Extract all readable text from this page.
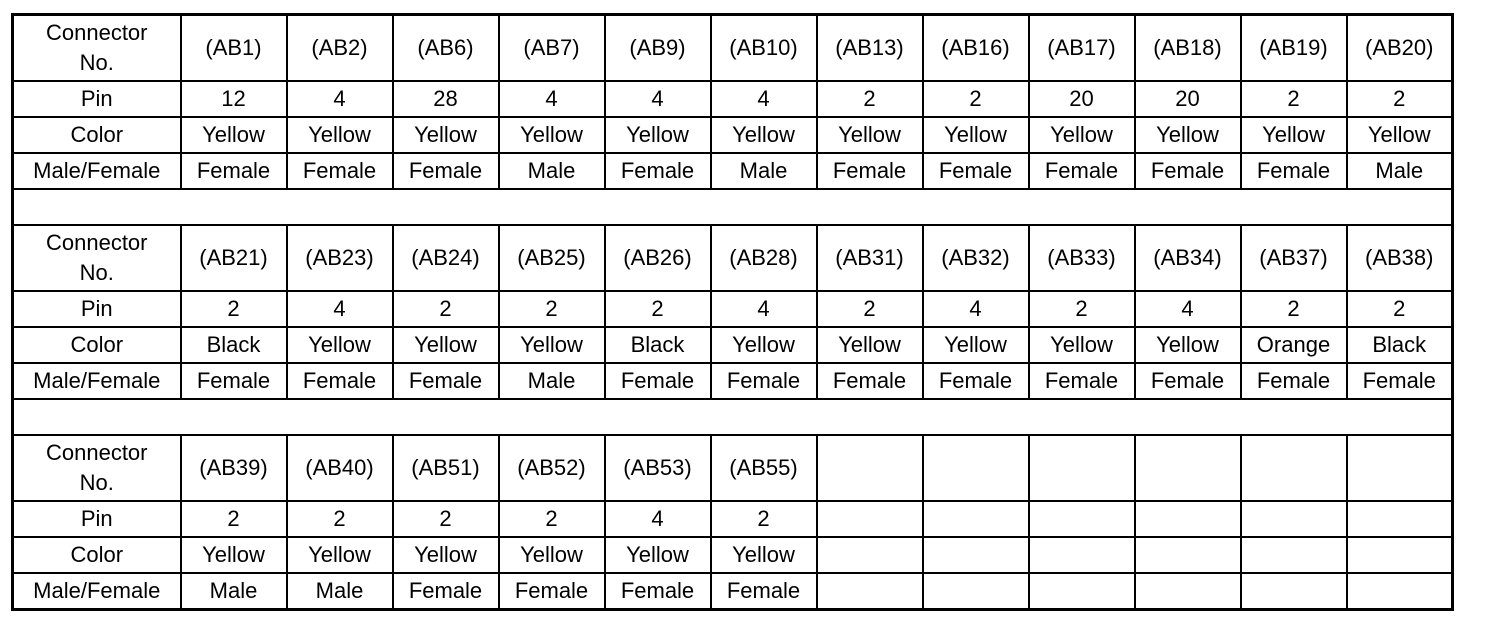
Connector No.	(AB1)	(AB2)	(AB6)	(AB7)	(AB9)	(AB10)	(AB13)	(AB16)	(AB17)	(AB18)	(AB19)	(AB20)
Pin	12	4	28	4	4	4	2	2	20	20	2	2
Color	Yellow	Yellow	Yellow	Yellow	Yellow	Yellow	Yellow	Yellow	Yellow	Yellow	Yellow	Yellow
Male/Female	Female	Female	Female	Male	Female	Male	Female	Female	Female	Female	Female	Male

Connector No.	(AB21)	(AB23)	(AB24)	(AB25)	(AB26)	(AB28)	(AB31)	(AB32)	(AB33)	(AB34)	(AB37)	(AB38)
Pin	2	4	2	2	2	4	2	4	2	4	2	2
Color	Black	Yellow	Yellow	Yellow	Black	Yellow	Yellow	Yellow	Yellow	Yellow	Orange	Black
Male/Female	Female	Female	Female	Male	Female	Female	Female	Female	Female	Female	Female	Female

Connector No.	(AB39)	(AB40)	(AB51)	(AB52)	(AB53)	(AB55)						
Pin	2	2	2	2	4	2						
Color	Yellow	Yellow	Yellow	Yellow	Yellow	Yellow						
Male/Female	Male	Male	Female	Female	Female	Female						
